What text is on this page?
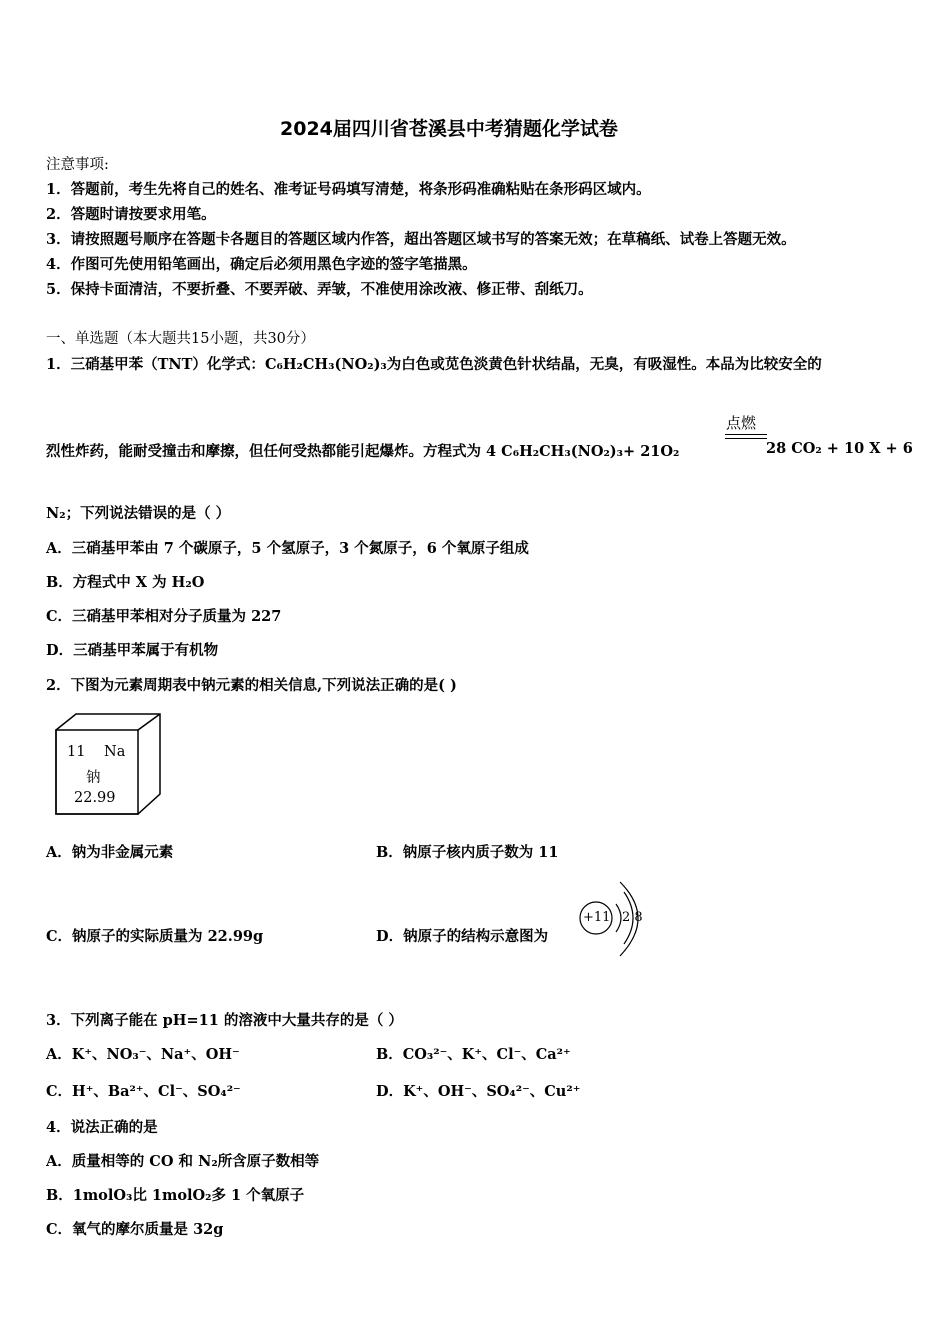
2024届四川省苍溪县中考猜题化学试卷
注意事项:
1．答题前，考生先将自己的姓名、准考证号码填写清楚，将条形码准确粘贴在条形码区域内。
2．答题时请按要求用笔。
3．请按照题号顺序在答题卡各题目的答题区域内作答，超出答题区域书写的答案无效；在草稿纸、试卷上答题无效。
4．作图可先使用铅笔画出，确定后必须用黑色字迹的签字笔描黑。
5．保持卡面清洁，不要折叠、不要弄破、弄皱，不准使用涂改液、修正带、刮纸刀。
一、单选题（本大题共15小题，共30分）
1．三硝基甲苯（TNT）化学式：C₆H₂CH₃(NO₂)₃为白色或苋色淡黄色针状结晶，无臭，有吸湿性。本品为比较安全的
点燃
烈性炸药，能耐受撞击和摩擦，但任何受热都能引起爆炸。方程式为 4 C₆H₂CH₃(NO₂)₃+ 21O₂	28 CO₂ + 10 X + 6
N₂；下列说法错误的是（ ）
A．三硝基甲苯由 7 个碳原子，5 个氢原子，3 个氮原子，6 个氧原子组成
B．方程式中 X 为 H₂O
C．三硝基甲苯相对分子质量为 227
D．三硝基甲苯属于有机物
2．下图为元素周期表中钠元素的相关信息,下列说法正确的是( )
11 Na
钠
22.99
A．钠为非金属元素	B．钠原子核内质子数为 11
C．钠原子的实际质量为 22.99g	D．钠原子的结构示意图为
+11 2 8
3．下列离子能在 pH=11 的溶液中大量共存的是（ ）
A．K⁺、NO₃⁻、Na⁺、OH⁻	B．CO₃²⁻、K⁺、Cl⁻、Ca²⁺
C．H⁺、Ba²⁺、Cl⁻、SO₄²⁻	D．K⁺、OH⁻、SO₄²⁻、Cu²⁺
4．说法正确的是
A．质量相等的 CO 和 N₂所含原子数相等
B．1molO₃比 1molO₂多 1 个氧原子
C．氧气的摩尔质量是 32g
